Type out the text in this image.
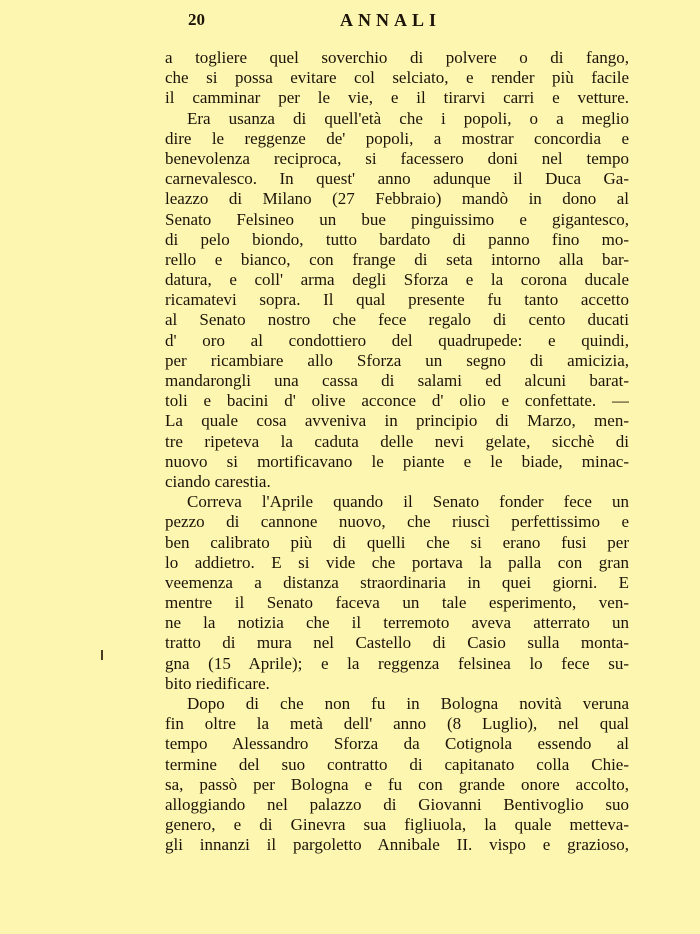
20	ANNALI
a togliere quel soverchio di polvere o di fango,
che si possa evitare col selciato, e render più facile
il camminar per le vie, e il tirarvi carri e vetture.
Era usanza di quell'età che i popoli, o a meglio
dire le reggenze de' popoli, a mostrar concordia e
benevolenza reciproca, si facessero doni nel tempo
carnevalesco. In quest' anno adunque il Duca Ga-
leazzo di Milano (27 Febbraio) mandò in dono al
Senato Felsineo un bue pinguissimo e gigantesco,
di pelo biondo, tutto bardato di panno fino mo-
rello e bianco, con frange di seta intorno alla bar-
datura, e coll' arma degli Sforza e la corona ducale
ricamatevi sopra. Il qual presente fu tanto accetto
al Senato nostro che fece regalo di cento ducati
d' oro al condottiero del quadrupede: e quindi,
per ricambiare allo Sforza un segno di amicizia,
mandarongli una cassa di salami ed alcuni barat-
toli e bacini d' olive acconce d' olio e confettate. —
La quale cosa avveniva in principio di Marzo, men-
tre ripeteva la caduta delle nevi gelate, sicchè di
nuovo si mortificavano le piante e le biade, minac-
ciando carestia.
Correva l'Aprile quando il Senato fonder fece un
pezzo di cannone nuovo, che riuscì perfettissimo e
ben calibrato più di quelli che si erano fusi per
lo addietro. E si vide che portava la palla con gran
veemenza a distanza straordinaria in quei giorni. E
mentre il Senato faceva un tale esperimento, ven-
ne la notizia che il terremoto aveva atterrato un
tratto di mura nel Castello di Casio sulla monta-
gna (15 Aprile); e la reggenza felsinea lo fece su-
bito riedificare.
Dopo di che non fu in Bologna novità veruna
fin oltre la metà dell' anno (8 Luglio), nel qual
tempo Alessandro Sforza da Cotignola essendo al
termine del suo contratto di capitanato colla Chie-
sa, passò per Bologna e fu con grande onore accolto,
alloggiando nel palazzo di Giovanni Bentivoglio suo
genero, e di Ginevra sua figliuola, la quale metteva-
gli innanzi il pargoletto Annibale II. vispo e grazioso,
